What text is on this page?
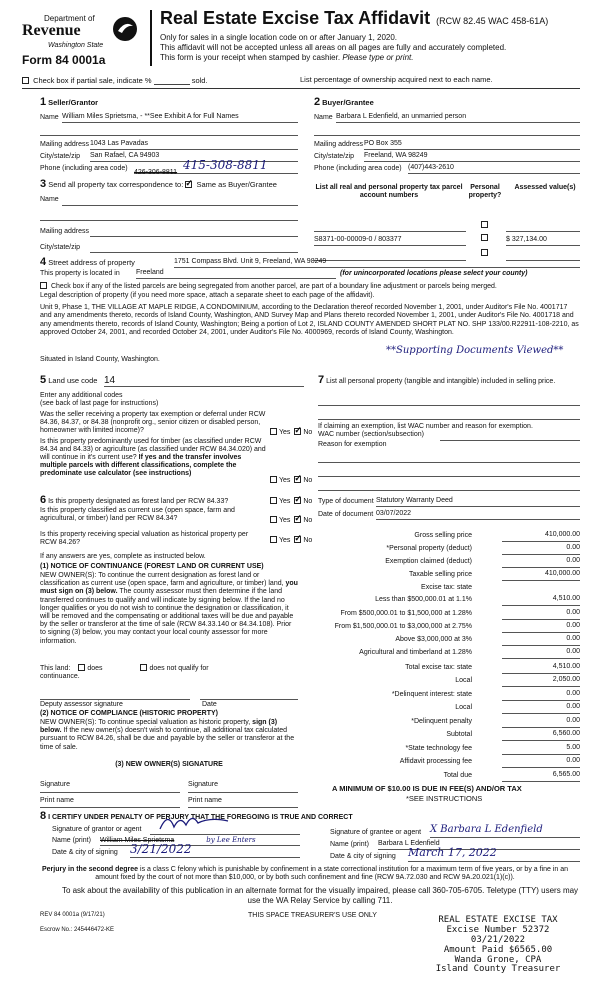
Department of
Revenue
Washington State
Form 84 0001a
Real Estate Excise Tax Affidavit (RCW 82.45 WAC 458-61A)
Only for sales in a single location code on or after January 1, 2020.
This affidavit will not be accepted unless all areas on all pages are fully and accurately completed.
This form is your receipt when stamped by cashier. Please type or print.
Check box if partial sale, indicate %	sold.	List percentage of ownership acquired next to each name.
1 Seller/Grantor
Name William Miles Sprietsma, - **See Exhibit A for Full Names
Mailing address 1043 Las Pavadas
City/state/zip San Rafael, CA 94903
Phone (including area code)
426-306-8811 415-308-8811
2 Buyer/Grantee
Name Barbara L Edenfield, an unmarried person
Mailing address PO Box 355
City/state/zip Freeland, WA 98249
Phone (including area code) (407)443-2610
3 Send all property tax correspondence to: ✓ Same as Buyer/Grantee
Name
Mailing address
City/state/zip
List all real and personal property tax parcel account numbers
Personal property?
Assessed value(s)
S8371-00-00009-0 / 803377	$ 327,134.00
4 Street address of property	1751 Compass Blvd. Unit 9, Freeland, WA 98249
This property is located in Freeland	(for unincorporated locations please select your county)
Check box if any of the listed parcels are being segregated from another parcel, are part of a boundary line adjustment or parcels being merged.
Legal description of property (if you need more space, attach a separate sheet to each page of the affidavit).
Unit 9, Phase 1, THE VILLAGE AT MAPLE RIDGE, A CONDOMINIUM, according to the Declaration thereof recorded November 1, 2001, under Auditor's File No. 4001717 and any amendments thereto, records of Island County, Washington, AND Survey Map and Plans thereto recorded November 1, 2001, under Auditor's File No. 4001718 and any amendments thereto, records of Island County, Washington; Being a portion of Lot 2, ISLAND COUNTY AMENDED SHORT PLAT NO. SHP 133/00.R22911-108-2210, as approved October 24, 2001, and recorded October 24, 2001, under Auditor's File No. 4000969, records of Island County, Washington.
**Supporting Documents Viewed**
Situated in Island County, Washington.
5 Land use code 14
Enter any additional codes
(see back of last page for instructions)
Was the seller receiving a property tax exemption or deferral under RCW 84.36, 84.37, or 84.38 (nonprofit org., senior citizen or disabled person, homeowner with limited income)?	Yes ✓ No
Is this property predominantly used for timber (as classified under RCW 84.34 and 84.33) or agriculture (as classified under RCW 84.34.020) and will continue in it's current use? If yes and the transfer involves multiple parcels with different classifications, complete the predominate use calculator (see instructions)
Yes ✓ No
7 List all personal property (tangible and intangible) included in selling price.
If claiming an exemption, list WAC number and reason for exemption.
WAC number (section/subsection)
Reason for exemption
6 Is this property designated as forest land per RCW 84.33?	Yes ✓ No
Is this property classified as current use (open space, farm and agricultural, or timber) land per RCW 84.34?	Yes ✓ No
Is this property receiving special valuation as historical property per RCW 84.26?	Yes ✓ No
If any answers are yes, complete as instructed below.
(1) NOTICE OF CONTINUANCE (FOREST LAND OR CURRENT USE)
NEW OWNER(S): To continue the current designation as forest land or classification as current use (open space, farm and agriculture, or timber) land, you must sign on (3) below. The county assessor must then determine if the land transferred continues to qualify and will indicate by signing below. If the land no longer qualifies or you do not wish to continue the designation or classification, it will be removed and the compensating or additional taxes will be due and payable by the seller or transferor at the time of sale (RCW 84.33.140 or 84.34.108). Prior to signing (3) below, you may contact your local county assessor for more information.
This land: does	does not qualify for
continuance.
Deputy assessor signature	Date
(2) NOTICE OF COMPLIANCE (HISTORIC PROPERTY)
NEW OWNER(S): To continue special valuation as historic property, sign (3) below. If the new owner(s) doesn't wish to continue, all additional tax calculated pursuant to RCW 84.26, shall be due and payable by the seller or transferor at the time of sale.
(3) NEW OWNER(S) SIGNATURE
Signature	Signature
Print name	Print name
Type of document Statutory Warranty Deed
Date of document 03/07/2022
Gross selling price	410,000.00
*Personal property (deduct)	0.00
Exemption claimed (deduct)	0.00
Taxable selling price	410,000.00
Excise tax: state
Less than $500,000.01 at 1.1%	4,510.00
From $500,000.01 to $1,500,000 at 1.28%	0.00
From $1,500,000.01 to $3,000,000 at 2.75%	0.00
Above $3,000,000 at 3%	0.00
Agricultural and timberland at 1.28%	0.00
Total excise tax: state	4,510.00
Local	2,050.00
*Delinquent interest: state	0.00
Local	0.00
*Delinquent penalty	0.00
Subtotal	6,560.00
*State technology fee	5.00
Affidavit processing fee	0.00
Total due	6,565.00
A MINIMUM OF $10.00 IS DUE IN FEE(S) AND/OR TAX
*SEE INSTRUCTIONS
8 I CERTIFY UNDER PENALTY OF PERJURY THAT THE FOREGOING IS TRUE AND CORRECT
Signature of grantor or agent
Name (print) William Miles Sprietsma	by Lee Enters
Date & city of signing 3/21/2022
Signature of grantee or agent X Barbara L Edenfield
Name (print) Barbara L Edenfield
Date & city of signing March 17, 2022
Perjury in the second degree is a class C felony which is punishable by confinement in a state correctional institution for a maximum term of five years, or by a fine in an amount fixed by the court of not more than $10,000, or by both such confinement and fine (RCW 9A.72.030 and RCW 9A.20.021(1)(c)).
To ask about the availability of this publication in an alternate format for the visually impaired, please call 360-705-6705. Teletype (TTY) users may use the WA Relay Service by calling 711.
REV 84 0001a (9/17/21)	THIS SPACE TREASURER'S USE ONLY
Escrow No.: 245446472-KE
REAL ESTATE EXCISE TAX
Excise Number 52372
03/21/2022
Amount Paid $6565.00
Wanda Grone, CPA
Island County Treasurer
